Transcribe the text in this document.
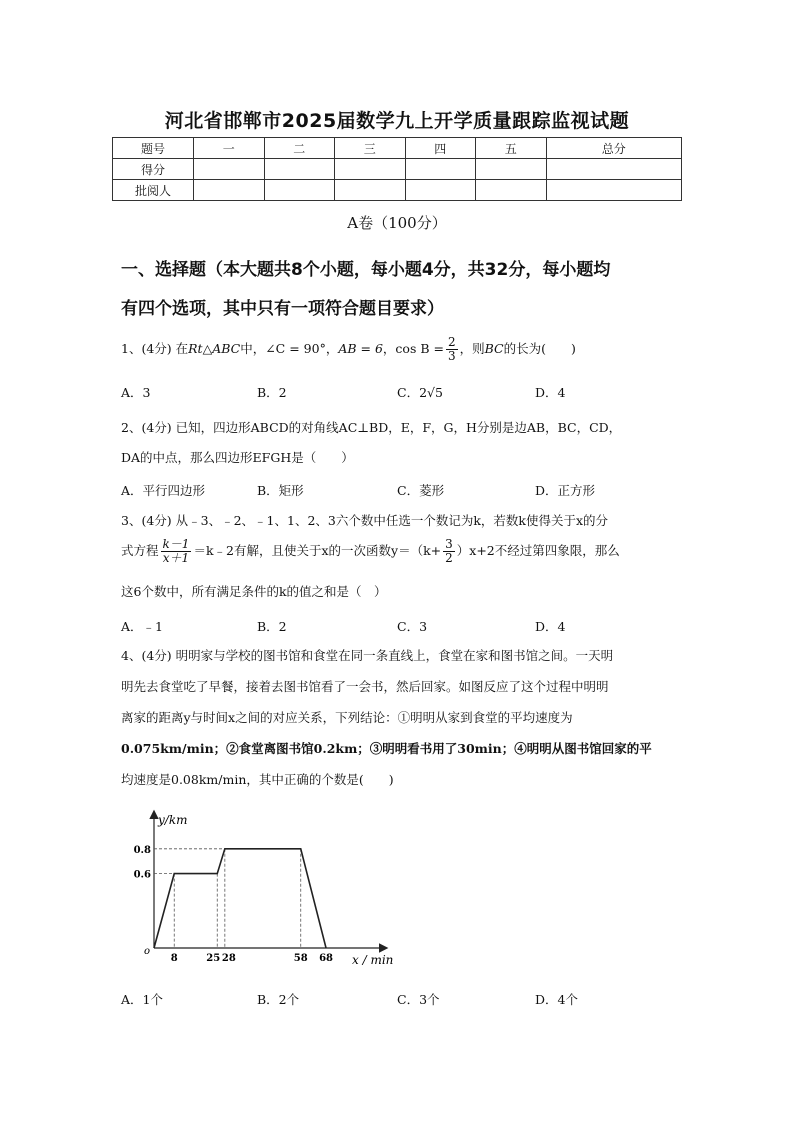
河北省邯郸市2025届数学九上开学质量跟踪监视试题
题号	一	二	三	四	五	总分
得分						
批阅人						
A卷（100分）
一、选择题（本大题共8个小题，每小题4分，共32分，每小题均
有四个选项，其中只有一项符合题目要求）
1、(4分) 在Rt△ABC中，∠C = 90°，AB = 6，$\cos B = \frac{2}{3}$ ，则BC的长为(　　)
A．3	B．2	C．2√5	D．4
2、(4分) 已知，四边形ABCD的对角线AC⊥BD，E，F，G，H分别是边AB，BC，CD，
DA的中点，那么四边形EFGH是（　　）
A．平行四边形	B．矩形	C．菱形	D．正方形
3、(4分) 从﹣3、﹣2、﹣1、1、2、3六个数中任选一个数记为k，若数k使得关于x的分
式方程 $\frac{k-1}{x+1}$ ＝k﹣2有解，且使关于x的一次函数$y=(k+ \frac{3}{2} )x+2$不经过第四象限，那么
这6个数中，所有满足条件的k的值之和是（　）
A．﹣1	B．2	C．3	D．4
4、(4分) 明明家与学校的图书馆和食堂在同一条直线上，食堂在家和图书馆之间。一天明
明先去食堂吃了早餐，接着去图书馆看了一会书，然后回家。如图反应了这个过程中明明
离家的距离y与时间x之间的对应关系，下列结论：①明明从家到食堂的平均速度为
0.075km/min；②食堂离图书馆0.2km；③明明看书用了30min；④明明从图书馆回家的平
均速度是0.08km/min，其中正确的个数是(　　)
8	25 28	58 68
0.8
0.6
o
y/km
x / min
A．1个	B．2个	C．3个	D．4个
